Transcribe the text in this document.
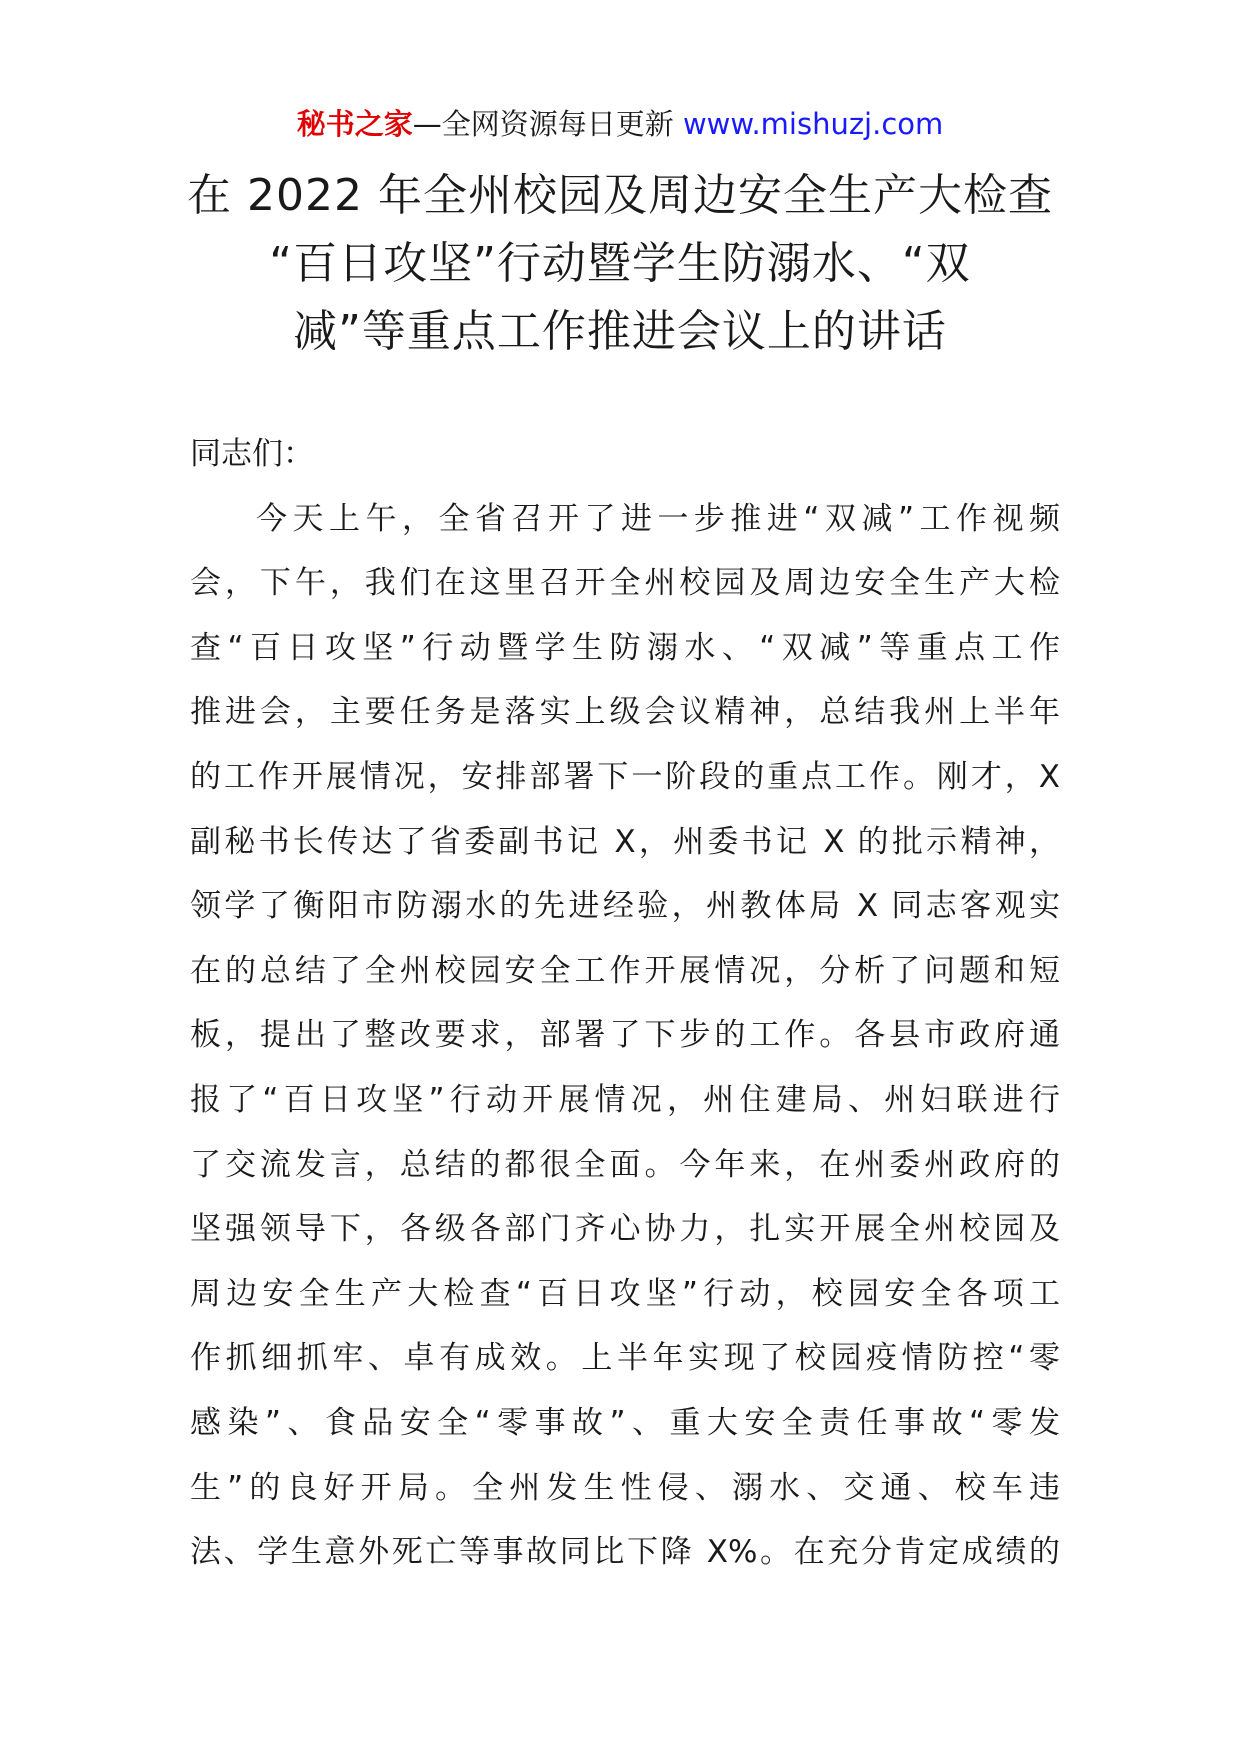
秘书之家—全网资源每日更新 www.mishuzj.com
在 2022 年全州校园及周边安全生产大检查
“百日攻坚”行动暨学生防溺水、“双
减”等重点工作推进会议上的讲话

同志们：

今天上午，全省召开了进一步推进“双减”工作视频
会，下午，我们在这里召开全州校园及周边安全生产大检
查“百日攻坚”行动暨学生防溺水、“双减”等重点工作
推进会，主要任务是落实上级会议精神，总结我州上半年
的工作开展情况，安排部署下一阶段的重点工作。刚才，X
副秘书长传达了省委副书记 X，州委书记 X 的批示精神，
领学了衡阳市防溺水的先进经验，州教体局 X 同志客观实
在的总结了全州校园安全工作开展情况，分析了问题和短
板，提出了整改要求，部署了下步的工作。各县市政府通
报了“百日攻坚”行动开展情况，州住建局、州妇联进行
了交流发言，总结的都很全面。今年来，在州委州政府的
坚强领导下，各级各部门齐心协力，扎实开展全州校园及
周边安全生产大检查“百日攻坚”行动，校园安全各项工
作抓细抓牢、卓有成效。上半年实现了校园疫情防控“零
感染”、食品安全“零事故”、重大安全责任事故“零发
生”的良好开局。全州发生性侵、溺水、交通、校车违
法、学生意外死亡等事故同比下降 X%。在充分肯定成绩的
